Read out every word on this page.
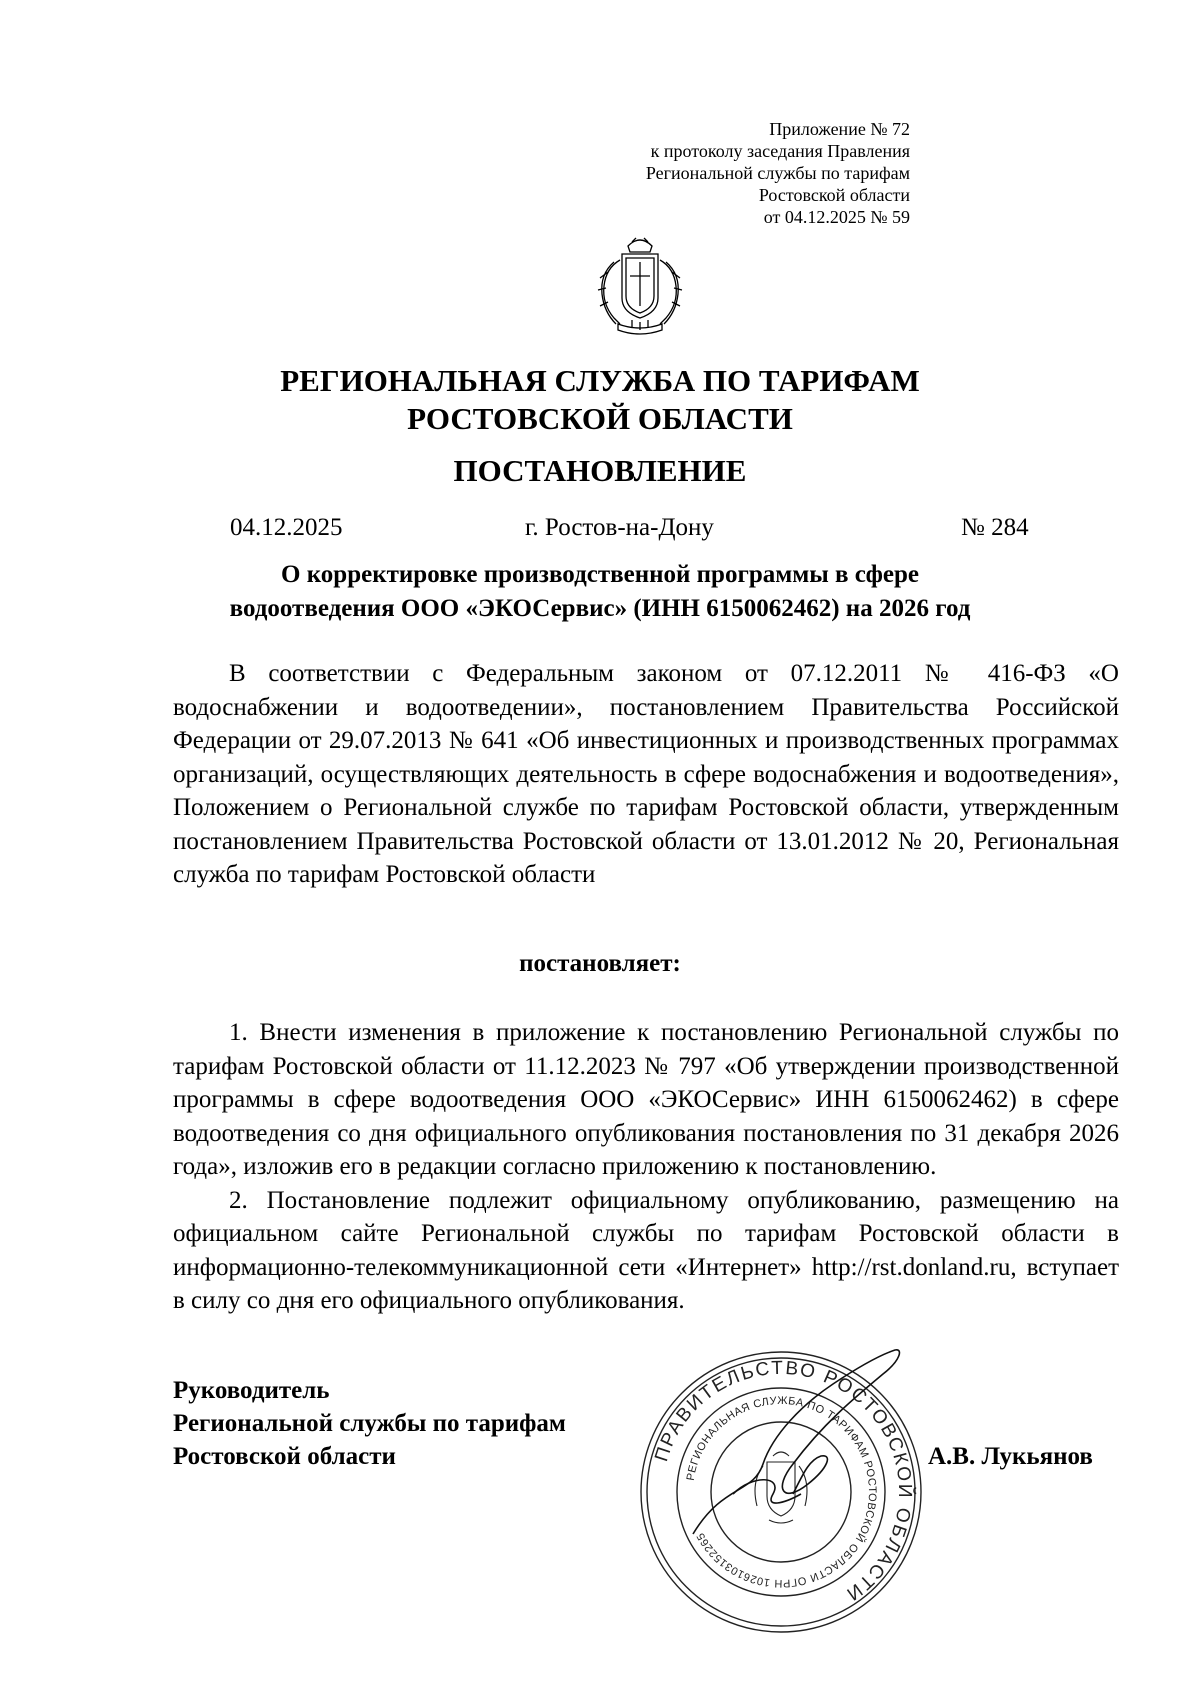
Приложение № 72
к протоколу заседания Правления
Региональной службы по тарифам
Ростовской области
от 04.12.2025 № 59
РЕГИОНАЛЬНАЯ СЛУЖБА ПО ТАРИФАМ
РОСТОВСКОЙ ОБЛАСТИ
ПОСТАНОВЛЕНИЕ
04.12.2025	г. Ростов-на-Дону	№ 284
О корректировке производственной программы в сфере
водоотведения ООО «ЭКОСервис» (ИНН 6150062462) на 2026 год

В соответствии с Федеральным законом от 07.12.2011 № 416-ФЗ «О водоснабжении и водоотведении», постановлением Правительства Российской Федерации от 29.07.2013 № 641 «Об инвестиционных и производственных программах организаций, осуществляющих деятельность в сфере водоснабжения и водоотведения», Положением о Региональной службе по тарифам Ростовской области, утвержденным постановлением Правительства Ростовской области от 13.01.2012 № 20, Региональная служба по тарифам Ростовской области

постановляет:

1. Внести изменения в приложение к постановлению Региональной службы по тарифам Ростовской области от 11.12.2023 № 797 «Об утверждении производственной программы в сфере водоотведения ООО «ЭКОСервис» ИНН 6150062462) в сфере водоотведения со дня официального опубликования постановления по 31 декабря 2026 года», изложив его в редакции согласно приложению к постановлению.

2. Постановление подлежит официальному опубликованию, размещению на официальном сайте Региональной службы по тарифам Ростовской области в информационно-телекоммуникационной сети «Интернет» http://rst.donland.ru, вступает в силу со дня его официального опубликования.

Руководитель
Региональной службы по тарифам
Ростовской области	ПРАВИТЕЛЬСТВО РОСТОВСКОЙ ОБЛАСТИ
РЕГИОНАЛЬНАЯ СЛУЖБА ПО ТАРИФАМ РОСТОВСКОЙ ОБЛАСТИ ОГРН 1026103152265
А.В. Лукьянов
